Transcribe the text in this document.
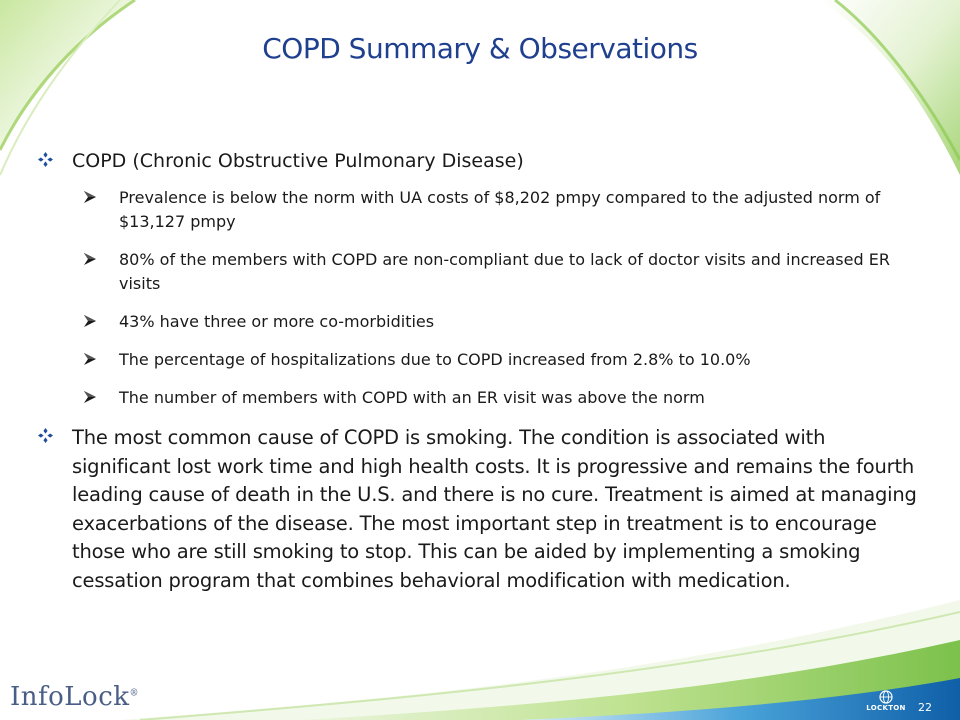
COPD Summary & Observations
COPD (Chronic Obstructive Pulmonary Disease)
Prevalence is below the norm with UA costs of $8,202 pmpy compared to the adjusted norm of $13,127 pmpy
80% of the members with COPD are non-compliant due to lack of doctor visits and increased ER visits
43% have three or more co-morbidities
The percentage of hospitalizations due to COPD increased from 2.8% to 10.0%
The number of members with COPD with an ER visit was above the norm
The most common cause of COPD is smoking. The condition is associated with significant lost work time and high health costs. It is progressive and remains the fourth leading cause of death in the U.S. and there is no cure. Treatment is aimed at managing exacerbations of the disease. The most important step in treatment is to encourage those who are still smoking to stop. This can be aided by implementing a smoking cessation program that combines behavioral modification with medication.
InfoLock®
LOCKTON	22
